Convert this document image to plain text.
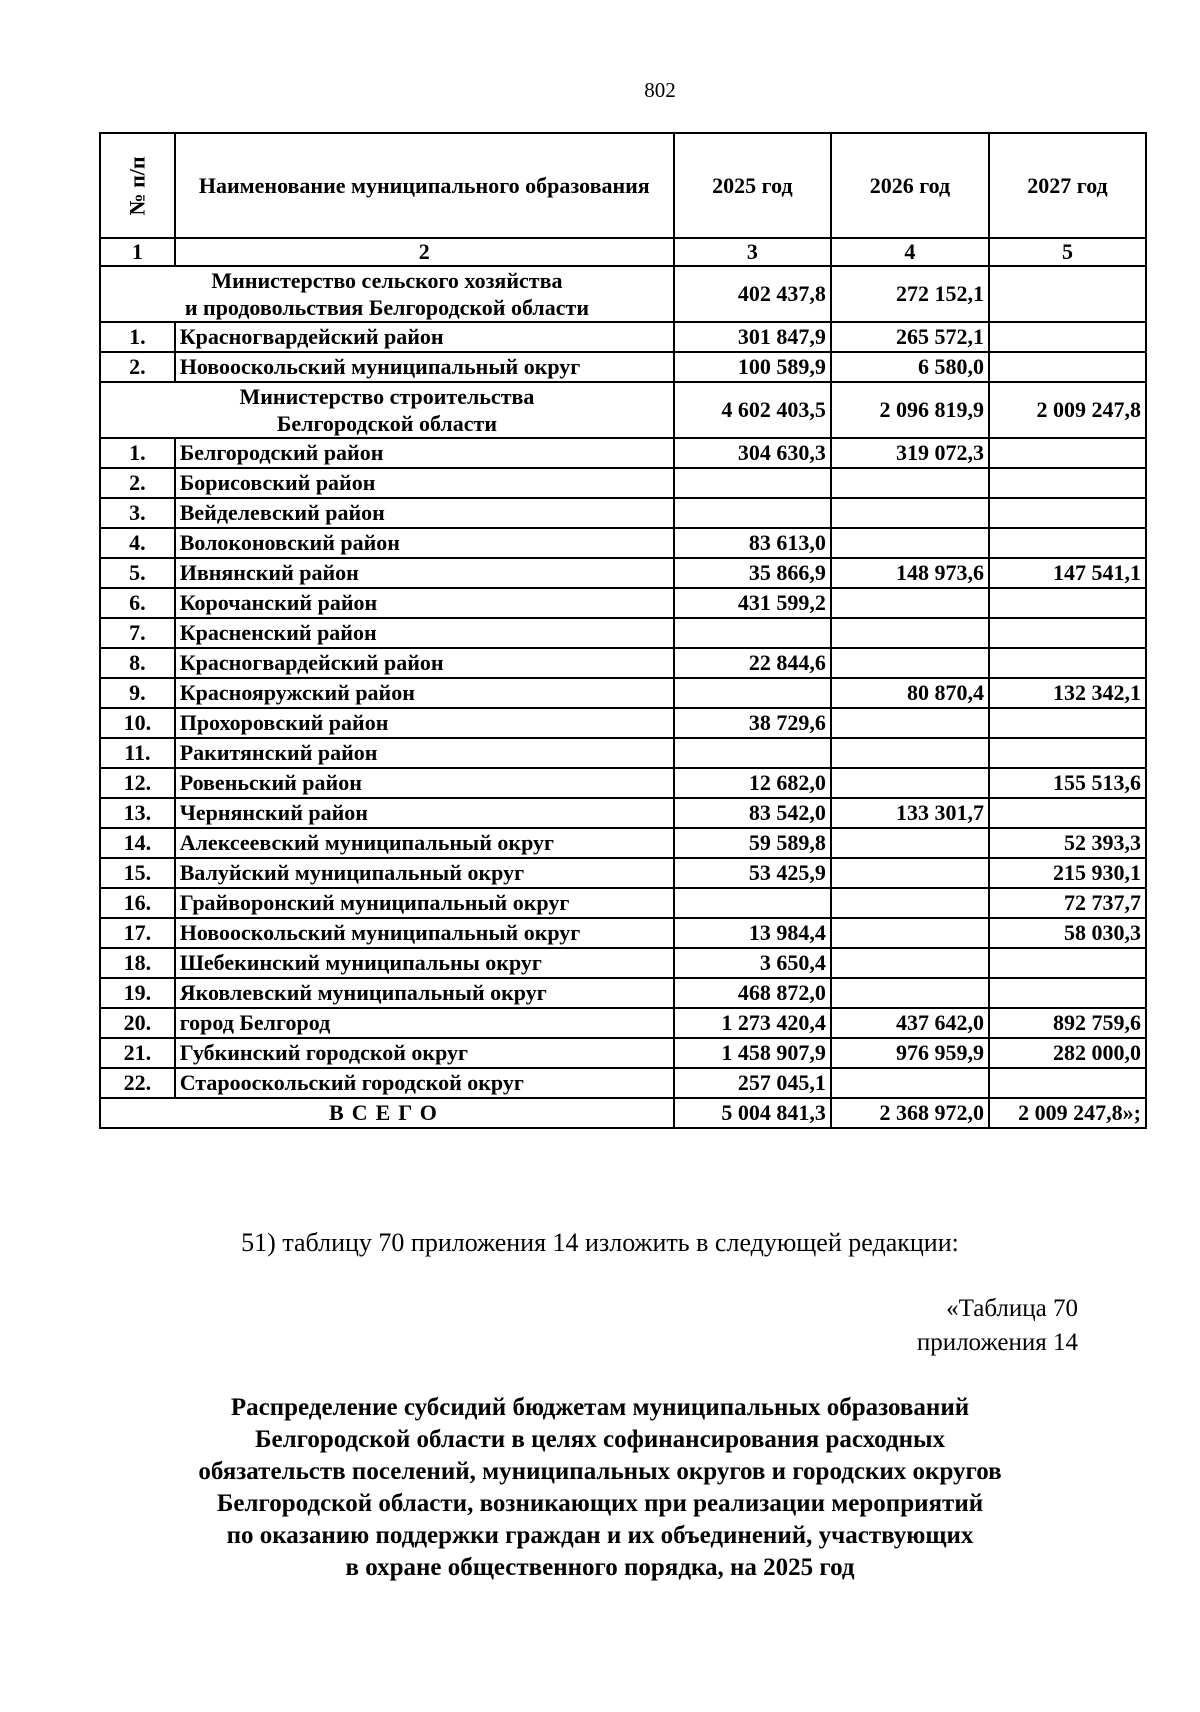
802
№ п/п	Наименование муниципального образования	2025 год	2026 год	2027 год
1	2	3	4	5

Министерство сельского хозяйства
и продовольствия Белгородской области		402 437,8	272 152,1	
1.	Красногвардейский район	301 847,9	265 572,1	
2.	Новооскольский муниципальный округ	100 589,9	6 580,0	

Министерство строительства
Белгородской области		4 602 403,5	2 096 819,9	2 009 247,8
1.	Белгородский район	304 630,3	319 072,3	
2.	Борисовский район			
3.	Вейделевский район			
4.	Волоконовский район	83 613,0		
5.	Ивнянский район	35 866,9	148 973,6	147 541,1
6.	Корочанский район	431 599,2		
7.	Красненский район			
8.	Красногвардейский район	22 844,6		
9.	Краснояружский район		80 870,4	132 342,1
10.	Прохоровский район	38 729,6		
11.	Ракитянский район			
12.	Ровеньский район	12 682,0		155 513,6
13.	Чернянский район	83 542,0	133 301,7	
14.	Алексеевский муниципальный округ	59 589,8		52 393,3
15.	Валуйский муниципальный округ	53 425,9		215 930,1
16.	Грайворонский муниципальный округ			72 737,7
17.	Новооскольский муниципальный округ	13 984,4		58 030,3
18.	Шебекинский муниципальны округ	3 650,4		
19.	Яковлевский муниципальный округ	468 872,0		
20.	город Белгород	1 273 420,4	437 642,0	892 759,6
21.	Губкинский городской округ	1 458 907,9	976 959,9	282 000,0
22.	Старооскольский городской округ	257 045,1		
ВСЕГО		5 004 841,3	2 368 972,0	2 009 247,8»;
51) таблицу 70 приложения 14 изложить в следующей редакции:
«Таблица 70
приложения 14
Распределение субсидий бюджетам муниципальных образований
Белгородской области в целях софинансирования расходных
обязательств поселений, муниципальных округов и городских округов
Белгородской области, возникающих при реализации мероприятий
по оказанию поддержки граждан и их объединений, участвующих
в охране общественного порядка, на 2025 год
